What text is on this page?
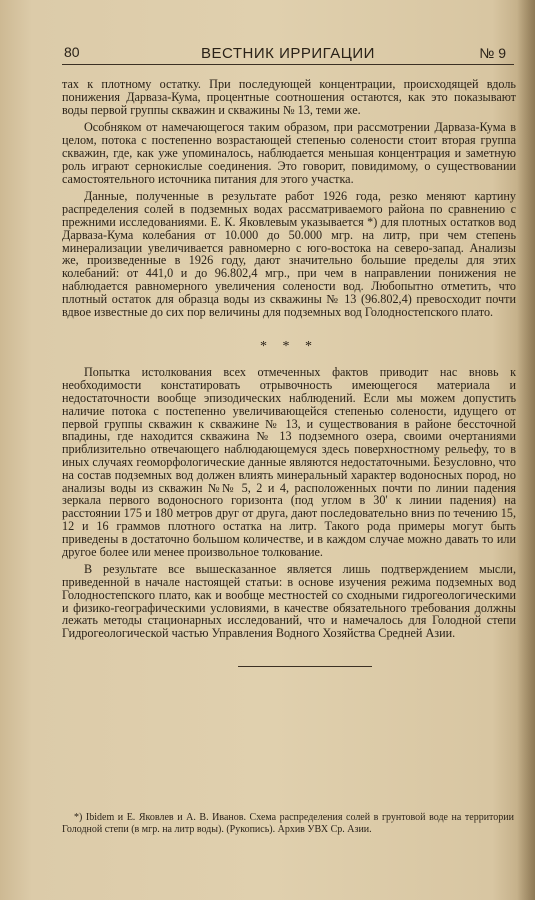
80	ВЕСТНИК ИРРИГАЦИИ	№ 9

тах к плотному остатку. При последующей концентрации, происходящей вдоль понижения Дарваза-Кума, процентные соотношения остаются, как это показывают воды первой группы скважин и скважины № 13, теми же.

Особняком от намечающегося таким образом, при рассмотрении Дарваза-Кума в целом, потока с постепенно возрастающей степенью солености стоит вторая группа скважин, где, как уже упоминалось, наблюдается меньшая концентрация и заметную роль играют сернокислые соединения. Это говорит, повидимому, о существовании самостоятельного источника питания для этого участка.

Данные, полученные в результате работ 1926 года, резко меняют картину распределения солей в подземных водах рассматриваемого района по сравнению с прежними исследованиями. Е. К. Яковлевым указывается *) для плотных остатков вод Дарваза-Кума колебания от 10.000 до 50.000 мгр. на литр, при чем степень минерализации увеличивается равномерно с юго-востока на северо-запад. Анализы же, произведенные в 1926 году, дают значительно большие пределы для этих колебаний: от 441,0 и до 96.802,4 мгр., при чем в направлении понижения не наблюдается равномерного увеличения солености вод. Любопытно отметить, что плотный остаток для образца воды из скважины № 13 (96.802,4) превосходит почти вдвое известные до сих пор величины для подземных вод Голодностепского плато.

* * *

Попытка истолкования всех отмеченных фактов приводит нас вновь к необходимости констатировать отрывочность имеющегося материала и недостаточности вообще эпизодических наблюдений. Если мы можем допустить наличие потока с постепенно увеличивающейся степенью солености, идущего от первой группы скважин к скважине № 13, и существования в районе бессточной впадины, где находится скважина № 13 подземного озера, своими очертаниями приблизительно отвечающего наблюдающемуся здесь поверхностному рельефу, то в иных случаях геоморфологические данные являются недостаточными. Безусловно, что на состав подземных вод должен влиять минеральный характер водоносных пород, но анализы воды из скважин №№ 5, 2 и 4, расположенных почти по линии падения зеркала первого водоносного горизонта (под углом в 30' к линии падения) на расстоянии 175 и 180 метров друг от друга, дают последовательно вниз по течению 15, 12 и 16 граммов плотного остатка на литр. Такого рода примеры могут быть приведены в достаточно большом количестве, и в каждом случае можно давать то или другое более или менее произвольное толкование.

В результате все вышесказанное является лишь подтверждением мысли, приведенной в начале настоящей статьи: в основе изучения режима подземных вод Голодностепского плато, как и вообще местностей со сходными гидрогеологическими и физико-географическими условиями, в качестве обязательного требования должны лежать методы стационарных исследований, что и намечалось для Голодной степи Гидрогеологической частью Управления Водного Хозяйства Средней Азии.

*) Ibidem и Е. Яковлев и А. В. Иванов. Схема распределения солей в грунтовой воде на территории Голодной степи (в мгр. на литр воды). (Рукопись). Архив УВХ Ср. Азии.
